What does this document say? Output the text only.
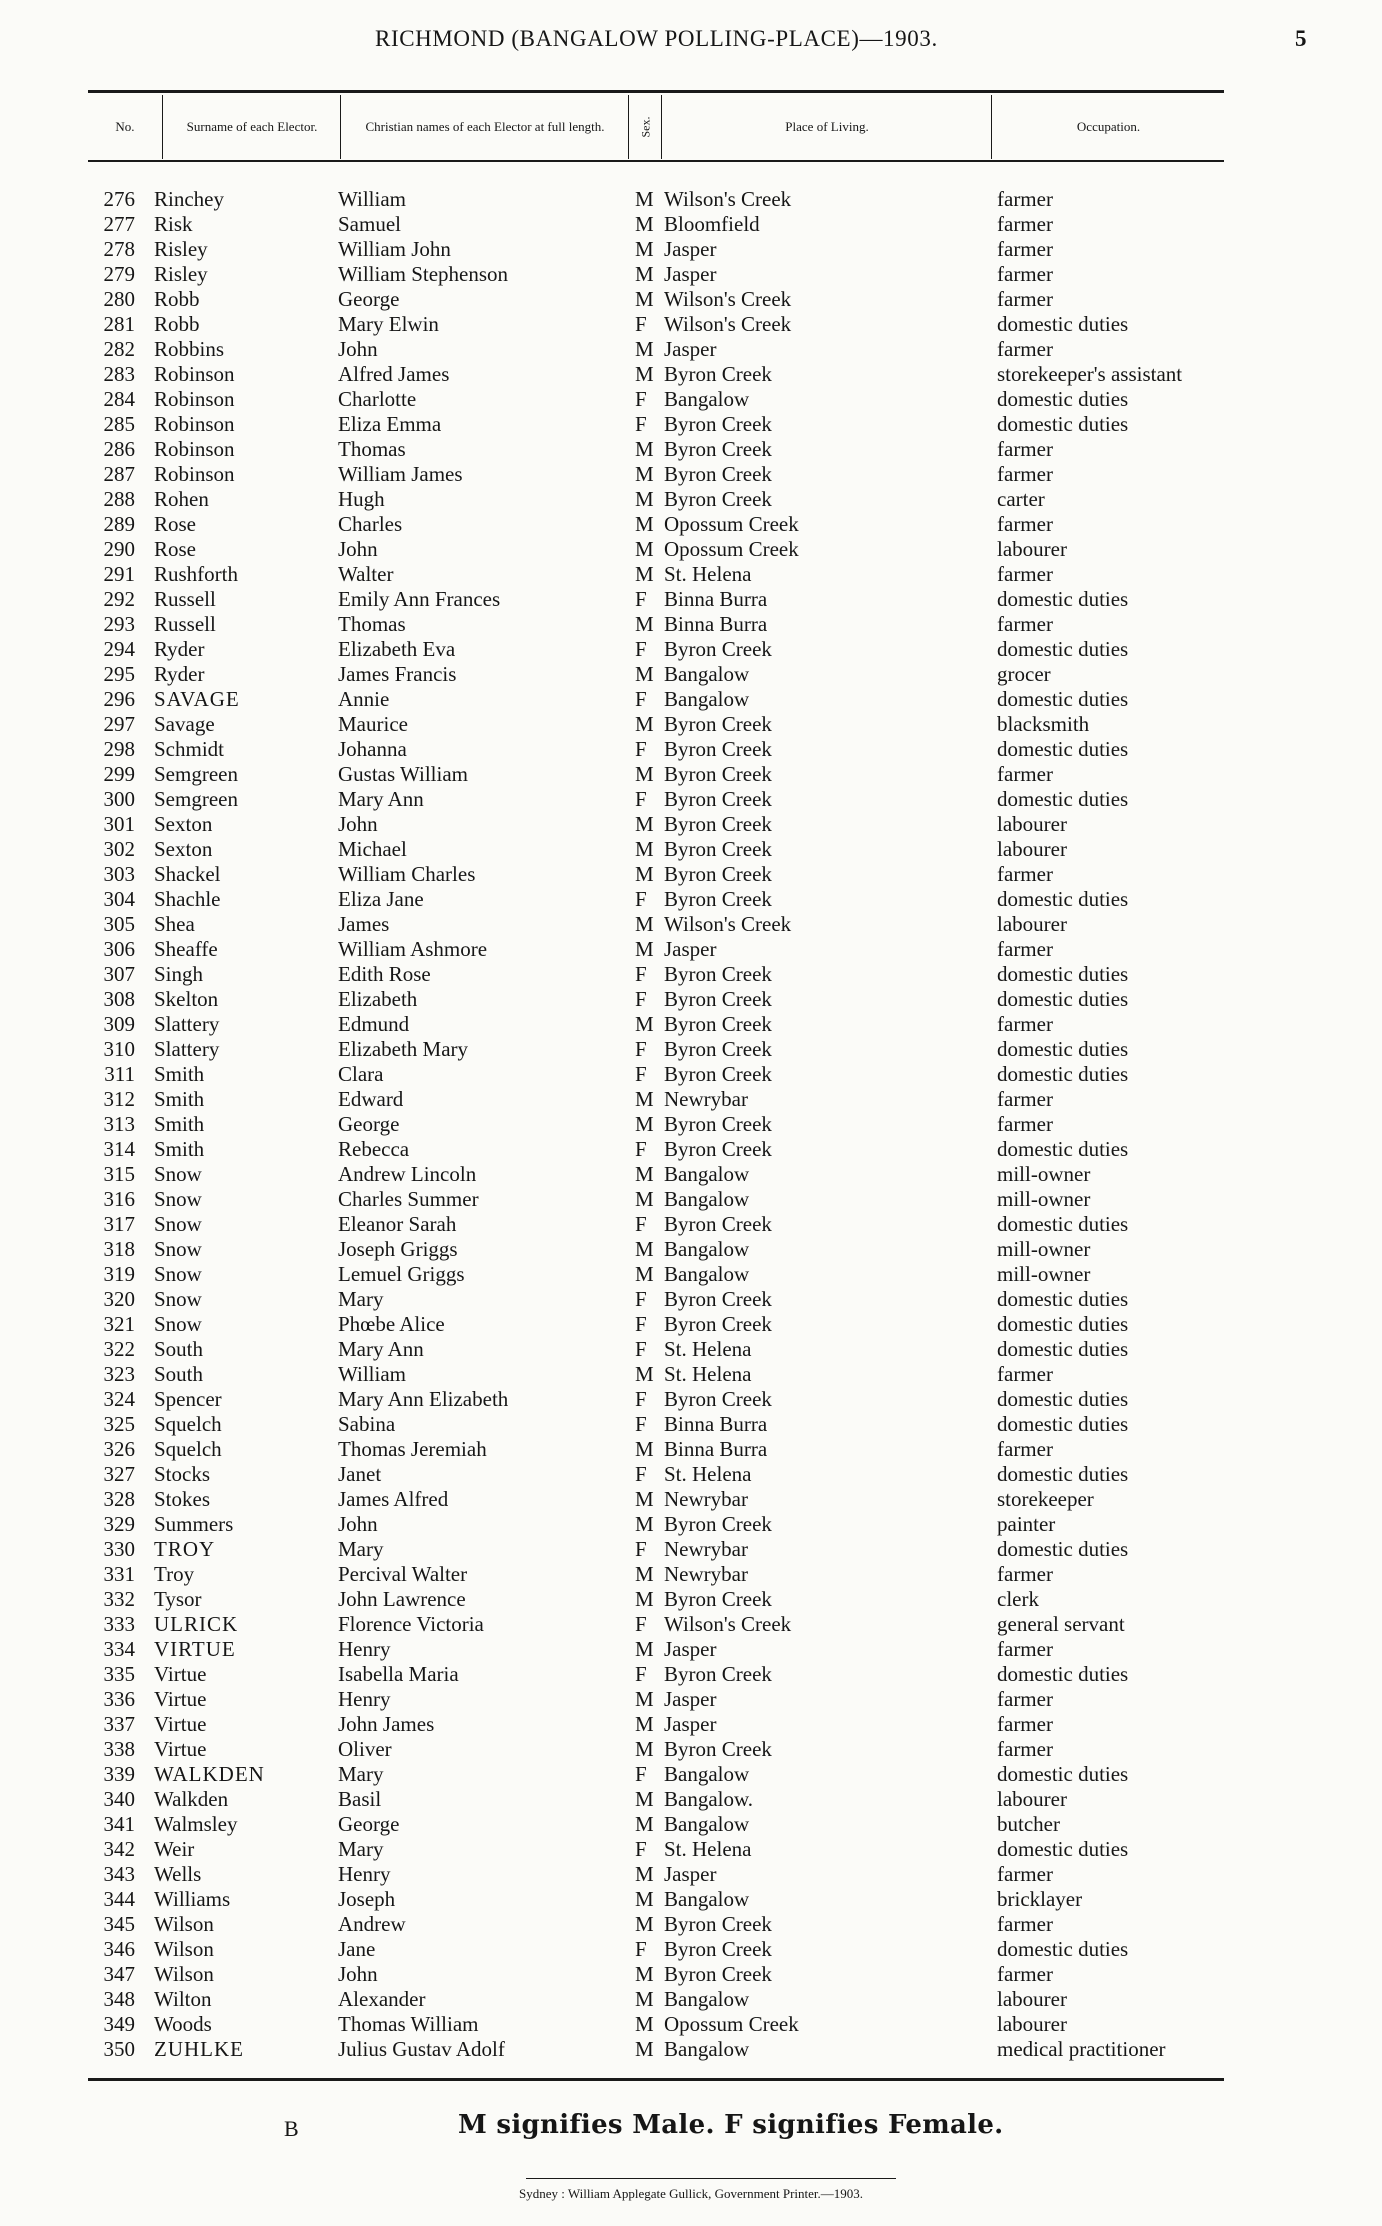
RICHMOND (BANGALOW POLLING-PLACE)—1903.	5
No.	Surname of each Elector.	Christian names of each Elector at full length.	Sex.	Place of Living.	Occupation.
276 Rinchey	William	M Wilson's Creek	farmer
277 Risk	Samuel	M Bloomfield	farmer
278 Risley	William John	M Jasper	farmer
279 Risley	William Stephenson	M Jasper	farmer
280 Robb	George	M Wilson's Creek	farmer
281 Robb	Mary Elwin	F Wilson's Creek	domestic duties
282 Robbins	John	M Jasper	farmer
283 Robinson	Alfred James	M Byron Creek	storekeeper's assistant
284 Robinson	Charlotte	F Bangalow	domestic duties
285 Robinson	Eliza Emma	F Byron Creek	domestic duties
286 Robinson	Thomas	M Byron Creek	farmer
287 Robinson	William James	M Byron Creek	farmer
288 Rohen	Hugh	M Byron Creek	carter
289 Rose	Charles	M Opossum Creek	farmer
290 Rose	John	M Opossum Creek	labourer
291 Rushforth	Walter	M St. Helena	farmer
292 Russell	Emily Ann Frances	F Binna Burra	domestic duties
293 Russell	Thomas	M Binna Burra	farmer
294 Ryder	Elizabeth Eva	F Byron Creek	domestic duties
295 Ryder	James Francis	M Bangalow	grocer
296 SAVAGE	Annie	F Bangalow	domestic duties
297 Savage	Maurice	M Byron Creek	blacksmith
298 Schmidt	Johanna	F Byron Creek	domestic duties
299 Semgreen	Gustas William	M Byron Creek	farmer
300 Semgreen	Mary Ann	F Byron Creek	domestic duties
301 Sexton	John	M Byron Creek	labourer
302 Sexton	Michael	M Byron Creek	labourer
303 Shackel	William Charles	M Byron Creek	farmer
304 Shachle	Eliza Jane	F Byron Creek	domestic duties
305 Shea	James	M Wilson's Creek	labourer
306 Sheaffe	William Ashmore	M Jasper	farmer
307 Singh	Edith Rose	F Byron Creek	domestic duties
308 Skelton	Elizabeth	F Byron Creek	domestic duties
309 Slattery	Edmund	M Byron Creek	farmer
310 Slattery	Elizabeth Mary	F Byron Creek	domestic duties
311 Smith	Clara	F Byron Creek	domestic duties
312 Smith	Edward	M Newrybar	farmer
313 Smith	George	M Byron Creek	farmer
314 Smith	Rebecca	F Byron Creek	domestic duties
315 Snow	Andrew Lincoln	M Bangalow	mill-owner
316 Snow	Charles Summer	M Bangalow	mill-owner
317 Snow	Eleanor Sarah	F Byron Creek	domestic duties
318 Snow	Joseph Griggs	M Bangalow	mill-owner
319 Snow	Lemuel Griggs	M Bangalow	mill-owner
320 Snow	Mary	F Byron Creek	domestic duties
321 Snow	Phœbe Alice	F Byron Creek	domestic duties
322 South	Mary Ann	F St. Helena	domestic duties
323 South	William	M St. Helena	farmer
324 Spencer	Mary Ann Elizabeth	F Byron Creek	domestic duties
325 Squelch	Sabina	F Binna Burra	domestic duties
326 Squelch	Thomas Jeremiah	M Binna Burra	farmer
327 Stocks	Janet	F St. Helena	domestic duties
328 Stokes	James Alfred	M Newrybar	storekeeper
329 Summers	John	M Byron Creek	painter
330 TROY	Mary	F Newrybar	domestic duties
331 Troy	Percival Walter	M Newrybar	farmer
332 Tysor	John Lawrence	M Byron Creek	clerk
333 ULRICK	Florence Victoria	F Wilson's Creek	general servant
334 VIRTUE	Henry	M Jasper	farmer
335 Virtue	Isabella Maria	F Byron Creek	domestic duties
336 Virtue	Henry	M Jasper	farmer
337 Virtue	John James	M Jasper	farmer
338 Virtue	Oliver	M Byron Creek	farmer
339 WALKDEN	Mary	F Bangalow	domestic duties
340 Walkden	Basil	M Bangalow.	labourer
341 Walmsley	George	M Bangalow	butcher
342 Weir	Mary	F St. Helena	domestic duties
343 Wells	Henry	M Jasper	farmer
344 Williams	Joseph	M Bangalow	bricklayer
345 Wilson	Andrew	M Byron Creek	farmer
346 Wilson	Jane	F Byron Creek	domestic duties
347 Wilson	John	M Byron Creek	farmer
348 Wilton	Alexander	M Bangalow	labourer
349 Woods	Thomas William	M Opossum Creek	labourer
350 ZUHLKE	Julius Gustav Adolf	M Bangalow	medical practitioner
B	M signifies Male. F signifies Female.
Sydney : William Applegate Gullick, Government Printer.—1903.
